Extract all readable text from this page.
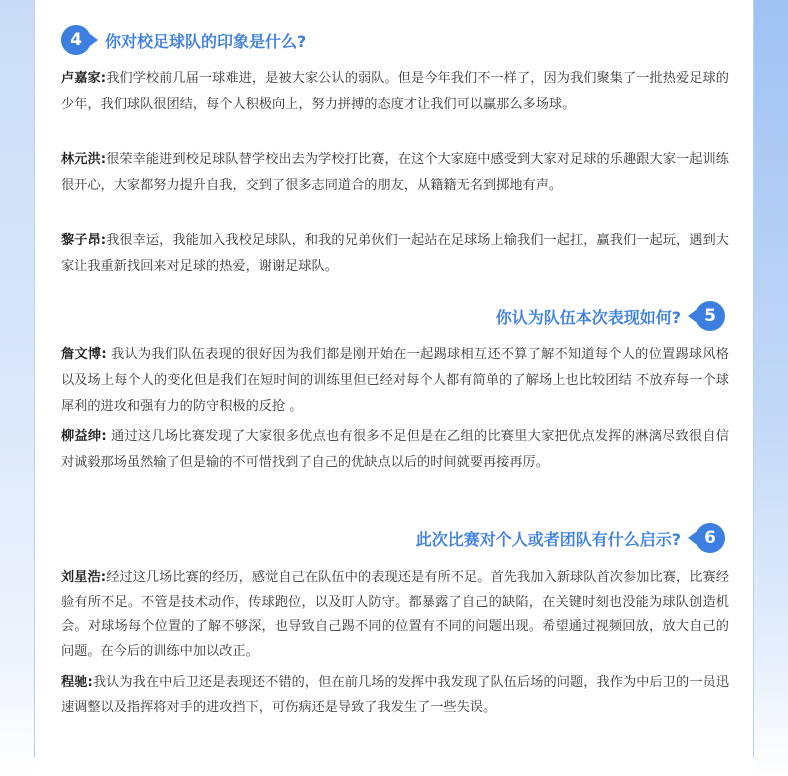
4	你对校足球队的印象是什么?

卢嘉家:我们学校前几届一球难进，是被大家公认的弱队。但是今年我们不一样了，因为我们聚集了一批热爱足球的少年，我们球队很团结，每个人积极向上，努力拼搏的态度才让我们可以赢那么多场球。

林元洪:很荣幸能进到校足球队替学校出去为学校打比赛，在这个大家庭中感受到大家对足球的乐趣跟大家一起训练很开心，大家都努力提升自我，交到了很多志同道合的朋友，从籍籍无名到掷地有声。

黎子昂:我很幸运，我能加入我校足球队，和我的兄弟伙们一起站在足球场上输我们一起扛，赢我们一起玩，遇到大家让我重新找回来对足球的热爱，谢谢足球队。

你认为队伍本次表现如何?	5

詹文博: 我认为我们队伍表现的很好因为我们都是刚开始在一起踢球相互还不算了解不知道每个人的位置踢球风格以及场上每个人的变化但是我们在短时间的训练里但已经对每个人都有简单的了解场上也比较团结 不放弃每一个球犀利的进攻和强有力的防守积极的反抢 。

柳益绅: 通过这几场比赛发现了大家很多优点也有很多不足但是在乙组的比赛里大家把优点发挥的淋漓尽致很自信对诚毅那场虽然输了但是输的不可惜找到了自己的优缺点以后的时间就要再接再厉。

此次比赛对个人或者团队有什么启示?	6

刘星浩:经过这几场比赛的经历，感觉自己在队伍中的表现还是有所不足。首先我加入新球队首次参加比赛，比赛经验有所不足。不管是技术动作，传球跑位，以及盯人防守。都暴露了自己的缺陷，在关键时刻也没能为球队创造机会。对球场每个位置的了解不够深，也导致自己踢不同的位置有不同的问题出现。希望通过视频回放，放大自己的问题。在今后的训练中加以改正。

程驰:我认为我在中后卫还是表现还不错的，但在前几场的发挥中我发现了队伍后场的问题，我作为中后卫的一员迅速调整以及指挥将对手的进攻挡下，可伤病还是导致了我发生了一些失误。
